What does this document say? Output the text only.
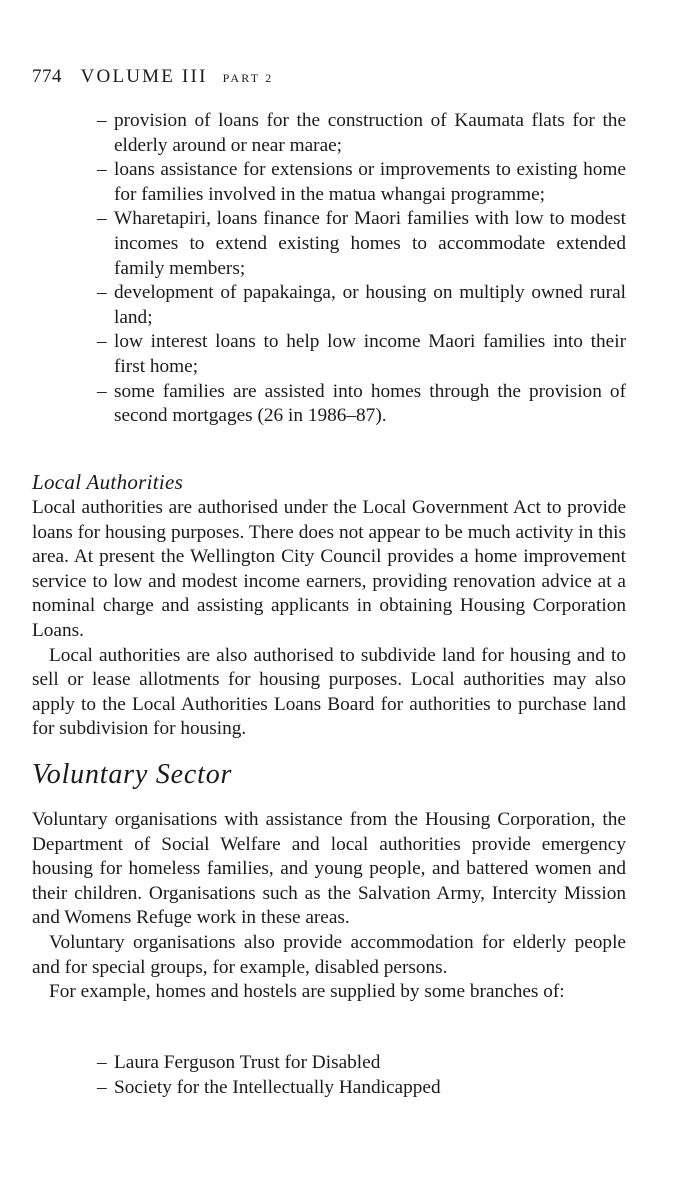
774 VOLUME III PART 2
– provision of loans for the construction of Kaumata flats for the elderly around or near marae;
– loans assistance for extensions or improvements to existing home for families involved in the matua whangai programme;
– Wharetapiri, loans finance for Maori families with low to modest incomes to extend existing homes to accommodate extended family members;
– development of papakainga, or housing on multiply owned rural land;
– low interest loans to help low income Maori families into their first home;
– some families are assisted into homes through the provision of second mortgages (26 in 1986–87).
Local Authorities

Local authorities are authorised under the Local Government Act to provide loans for housing purposes. There does not appear to be much activity in this area. At present the Wellington City Council provides a home improvement service to low and modest income earners, providing renovation advice at a nominal charge and assisting applicants in obtaining Housing Corporation Loans.

Local authorities are also authorised to subdivide land for housing and to sell or lease allotments for housing purposes. Local authorities may also apply to the Local Authorities Loans Board for authorities to purchase land for subdivision for housing.

Voluntary Sector

Voluntary organisations with assistance from the Housing Corporation, the Department of Social Welfare and local authorities provide emergency housing for homeless families, and young people, and battered women and their children. Organisations such as the Salvation Army, Intercity Mission and Womens Refuge work in these areas.

Voluntary organisations also provide accommodation for elderly people and for special groups, for example, disabled persons.

For example, homes and hostels are supplied by some branches of:

– Laura Ferguson Trust for Disabled
– Society for the Intellectually Handicapped
